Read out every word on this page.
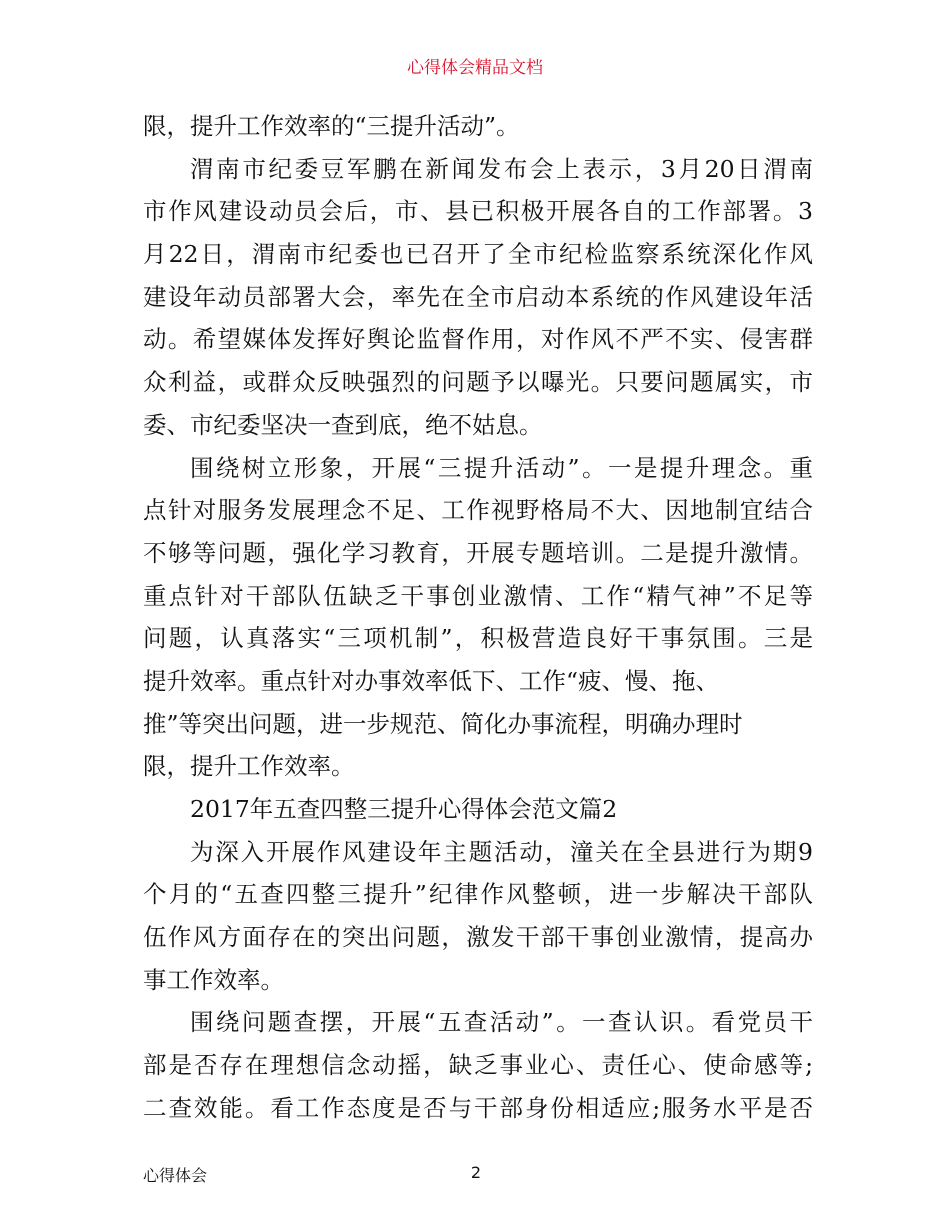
心得体会精品文档
限，提升工作效率的“三提升活动”。
渭南市纪委豆军鹏在新闻发布会上表示，3月20日渭南
市作风建设动员会后，市、县已积极开展各自的工作部署。3
月22日，渭南市纪委也已召开了全市纪检监察系统深化作风
建设年动员部署大会，率先在全市启动本系统的作风建设年活
动。希望媒体发挥好舆论监督作用，对作风不严不实、侵害群
众利益，或群众反映强烈的问题予以曝光。只要问题属实，市
委、市纪委坚决一查到底，绝不姑息。
围绕树立形象，开展“三提升活动”。一是提升理念。重
点针对服务发展理念不足、工作视野格局不大、因地制宜结合
不够等问题，强化学习教育，开展专题培训。二是提升激情。
重点针对干部队伍缺乏干事创业激情、工作“精气神”不足等
问题，认真落实“三项机制”，积极营造良好干事氛围。三是
提升效率。重点针对办事效率低下、工作“疲、慢、拖、
推”等突出问题，进一步规范、简化办事流程，明确办理时
限，提升工作效率。
2017年五查四整三提升心得体会范文篇2
为深入开展作风建设年主题活动，潼关在全县进行为期9
个月的“五查四整三提升”纪律作风整顿，进一步解决干部队
伍作风方面存在的突出问题，激发干部干事创业激情，提高办
事工作效率。
围绕问题查摆，开展“五查活动”。一查认识。看党员干
部是否存在理想信念动摇，缺乏事业心、责任心、使命感等;
二查效能。看工作态度是否与干部身份相适应;服务水平是否
心得体会	2
